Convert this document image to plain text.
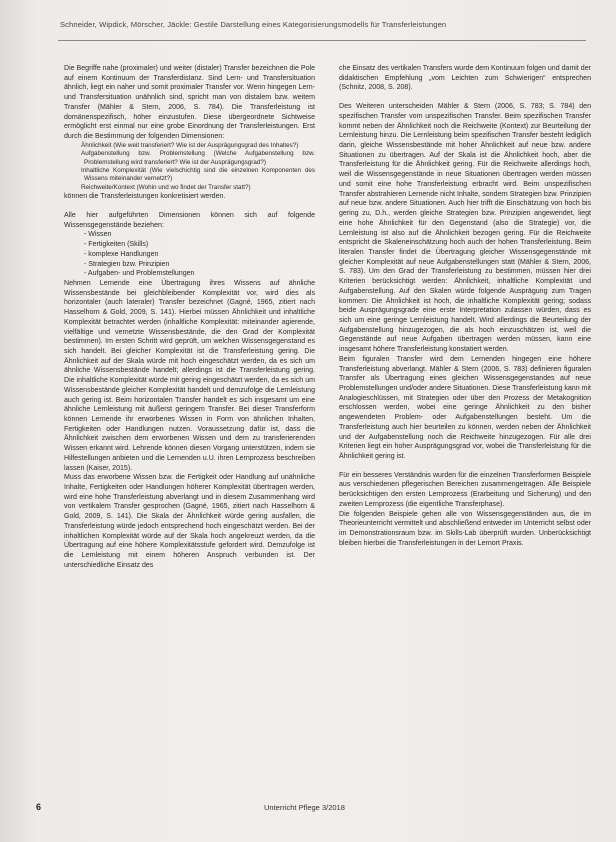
Schneider, Wipdick, Mörscher, Jäckle: Gestile Darstellung eines Kategorisierungsmodells für Transferleistungen

Die Begriffe nahe (proximaler) und weiter (distaler) Transfer bezeichnen die Pole auf einem Kontinuum der Transferdistanz. Sind Lern- und Transfersituation ähnlich, liegt ein naher und somit proximaler Transfer vor. Wenn hingegen Lern- und Transfersituation unähnlich sind, spricht man von distalem bzw. weitem Transfer (Mähler & Stern, 2006, S. 784). Die Transferleistung ist domänenspezifisch, höher einzustufen. Diese übergeordnete Sichtweise ermöglicht erst einmal nur eine grobe Einordnung der Transferleistungen. Erst durch die Bestimmung der folgenden Dimensionen:

Ähnlichkeit (Wie weit transferiert? Wie ist der Ausprägungsgrad des Inhaltes?)
Aufgabenstellung bzw. Problemstellung (Welche Aufgabenstellung bzw. Problemstellung wird transferiert? Wie ist der Ausprägungsgrad?)
Inhaltliche Komplexität (Wie vielschichtig sind die einzelnen Komponenten des Wissens miteinander vernetzt?)
Reichweite/Kontext (Wohin und wo findet der Transfer statt?)

können die Transferleistungen konkretisiert werden.

Alle hier aufgeführten Dimensionen können sich auf folgende Wissensgegenstände beziehen:

- Wissen
- Fertigkeiten (Skills)
- komplexe Handlungen
- Strategien bzw. Prinzipien
- Aufgaben- und Problemstellungen

Nehmen Lernende eine Übertragung ihres Wissens auf ähnliche Wissensbestände bei gleichbleibender Komplexität vor, wird dies als horizontaler (auch lateraler) Transfer bezeichnet (Gagné, 1965, zitiert nach Hasselhorn & Gold, 2009, S. 141). Hierbei müssen Ähnlichkeit und inhaltliche Komplexität betrachtet werden (inhaltliche Komplexität: miteinander agierende, vielfältige und vernetzte Wissensbestände, die den Grad der Komplexität bestimmen). Im ersten Schritt wird geprüft, um welchen Wissensgegenstand es sich handelt. Bei gleicher Komplexität ist die Transferleistung gering. Die Ähnlichkeit auf der Skala würde mit hoch eingeschätzt werden, da es sich um ähnliche Wissensbestände handelt; allerdings ist die Transferleistung gering. Die inhaltliche Komplexität würde mit gering eingeschätzt werden, da es sich um Wissensbestände gleicher Komplexität handelt und demzufolge die Lernleistung auch gering ist. Beim horizontalen Transfer handelt es sich insgesamt um eine ähnliche Lernleistung mit äußerst geringem Transfer. Bei dieser Transferform können Lernende ihr erworbenes Wissen in Form von ähnlichen Inhalten, Fertigkeiten oder Handlungen nutzen. Voraussetzung dafür ist, dass die Ähnlichkeit zwischen dem erworbenen Wissen und dem zu transferierenden Wissen erkannt wird. Lehrende können diesen Vorgang unterstützen, indem sie Hilfestellungen anbieten und die Lernenden u.U. ihren Lernprozess beschreiben lassen (Kaiser, 2015).

Muss das erworbene Wissen bzw. die Fertigkeit oder Handlung auf unähnliche Inhalte, Fertigkeiten oder Handlungen höherer Komplexität übertragen werden, wird eine hohe Transferleistung abverlangt und in diesem Zusammenhang wird von vertikalem Transfer gesprochen (Gagné, 1965, zitiert nach Hasselhorn & Gold, 2009, S. 141). Die Skala der Ähnlichkeit würde gering ausfallen, die Transferleistung würde jedoch entsprechend hoch eingeschätzt werden. Bei der inhaltlichen Komplexität würde auf der Skala hoch angekreuzt werden, da die Übertragung auf eine höhere Komplexitätsstufe gefordert wird. Demzufolge ist die Lernleistung mit einem höheren Anspruch verbunden ist. Der unterschiedliche Einsatz des

che Einsatz des vertikalen Transfers wurde dem Kontinuum folgen und damit der didaktischen Empfehlung „vom Leichten zum Schwierigen“ entsprechen (Schnitz, 2008, S. 208).

Des Weiteren unterscheiden Mähler & Stern (2006, S. 783; S. 784) den spezifischen Transfer vom unspezifischen Transfer. Beim spezifischen Transfer kommt neben der Ähnlichkeit noch die Reichweite (Kontext) zur Beurteilung der Lernleistung hinzu. Die Lernleistung beim spezifischen Transfer besteht lediglich darin, gleiche Wissensbestände mit hoher Ähnlichkeit auf neue bzw. andere Situationen zu übertragen. Auf der Skala ist die Ähnlichkeit hoch, aber die Transferleistung für die Ähnlichkeit gering. Für die Reichweite allerdings hoch, weil die Wissensgegenstände in neue Situationen übertragen werden müssen und somit eine hohe Transferleistung erbracht wird. Beim unspezifischen Transfer abstrahieren Lernende nicht Inhalte, sondern Strategien bzw. Prinzipien auf neue bzw. andere Situationen. Auch hier trifft die Einschätzung von hoch bis gering zu, D.h., werden gleiche Strategien bzw. Prinzipien angewendet, liegt eine hohe Ähnlichkeit für den Gegenstand (also die Strategie) vor, die Lernleistung ist also auf die Ähnlichkeit bezogen gering. Für die Reichweite entspricht die Skaleneinschätzung hoch auch der hohen Transferleistung. Beim literalen Transfer findet die Übertragung gleicher Wissensgegenstände mit gleicher Komplexität auf neue Aufgabenstellungen statt (Mähler & Stern, 2006, S. 783). Um den Grad der Transferleistung zu bestimmen, müssen hier drei Kriterien berücksichtigt werden: Ähnlichkeit, inhaltliche Komplexität und Aufgabenstellung. Auf den Skalen würde folgende Ausprägung zum Tragen kommen: Die Ähnlichkeit ist hoch, die inhaltliche Komplexität gering; sodass beide Ausprägungsgrade eine erste Interpretation zulassen würden, dass es sich um eine geringe Lernleistung handelt. Wird allerdings die Beurteilung der Aufgabenstellung hinzugezogen, die als hoch einzuschätzen ist, weil die Gegenstände auf neue Aufgaben übertragen werden müssen, kann eine insgesamt höhere Transferleistung konstatiert werden.

Beim figuralen Transfer wird dem Lernenden hingegen eine höhere Transferleistung abverlangt. Mähler & Stern (2006, S. 783) definieren figuralen Transfer als Übertragung eines gleichen Wissensgegenstandes auf neue Problemstellungen und/oder andere Situationen. Diese Transferleistung kann mit Analogieschlüssen, mit Strategien oder über den Prozess der Metakognition erschlossen werden, wobei eine geringe Ähnlichkeit zu den bisher angewendeten Problem- oder Aufgabenstellungen besteht. Um die Transferleistung auch hier beurteilen zu können, werden neben der Ähnlichkeit und der Aufgabenstellung noch die Reichweite hinzugezogen. Für alle drei Kriterien liegt ein hoher Ausprägungsgrad vor, wobei die Transferleistung für die Ähnlichkeit gering ist.

Für ein besseres Verständnis wurden für die einzelnen Transferformen Beispiele aus verschiedenen pflegerischen Bereichen zusammengetragen. Alle Beispiele berücksichtigen den ersten Lernprozess (Erarbeitung und Sicherung) und den zweiten Lernprozess (die eigentliche Transferphase).

Die folgenden Beispiele gehen alle von Wissensgegenständen aus, die im Theorieunterricht vermittelt und abschließend entweder im Unterricht selbst oder im Demonstrationsraum bzw. im Skills-Lab überprüft wurden. Unberücksichtigt bleiben hierbei die Transferleistungen in der Lernort Praxis.

6	Unterricht Pflege 3/2018
